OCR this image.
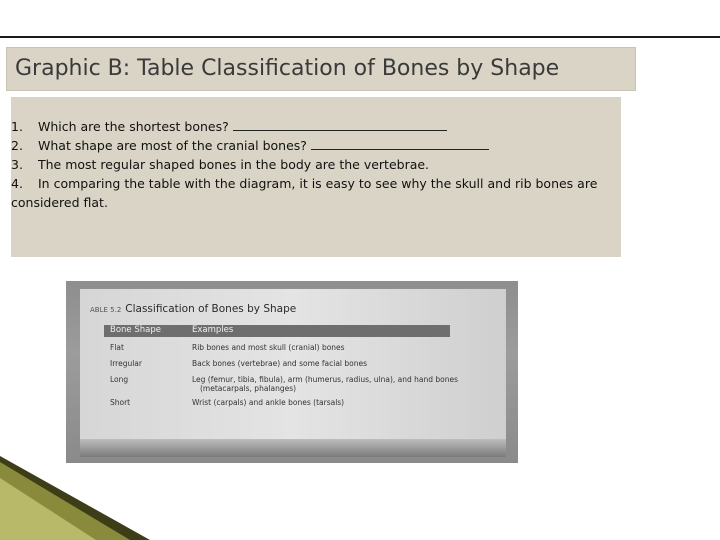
Graphic B: Table Classification of Bones by Shape
1. Which are the shortest bones?
2. What shape are most of the cranial bones?
3. The most regular shaped bones in the body are the vertebrae.
4. In comparing the table with the diagram, it is easy to see why the skull and rib bones are
considered flat.
ABLE 5.2 Classification of Bones by Shape
Bone Shape	Examples
Flat	Rib bones and most skull (cranial) bones
Irregular	Back bones (vertebrae) and some facial bones
Long	Leg (femur, tibia, fibula), arm (humerus, radius, ulna), and hand bones
(metacarpals, phalanges)
Short	Wrist (carpals) and ankle bones (tarsals)
